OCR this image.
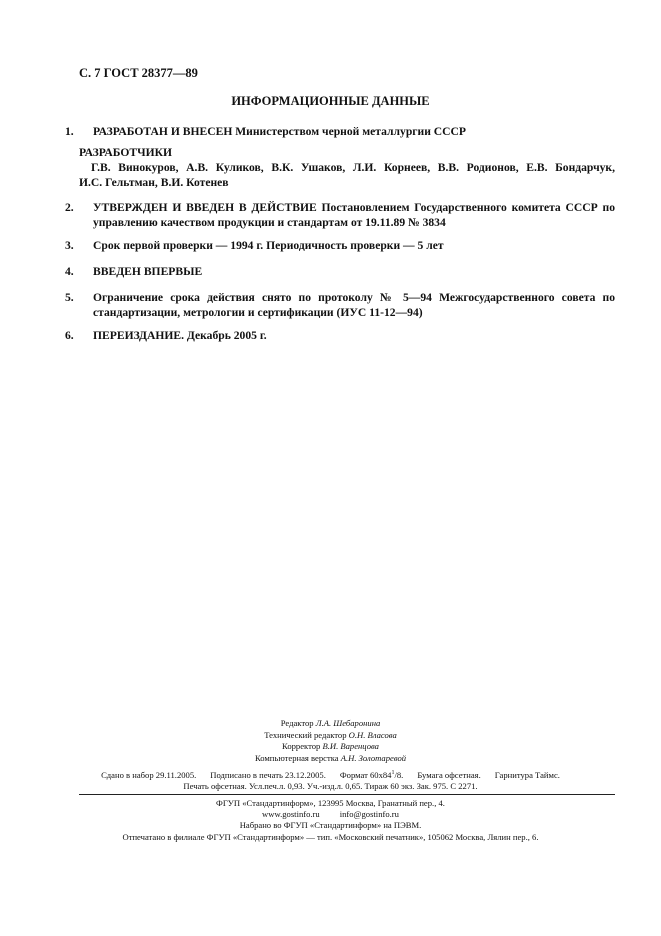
С. 7 ГОСТ 28377—89
ИНФОРМАЦИОННЫЕ ДАННЫЕ
1. РАЗРАБОТАН И ВНЕСЕН Министерством черной металлургии СССР
РАЗРАБОТЧИКИ
Г.В. Винокуров, А.В. Куликов, В.К. Ушаков, Л.И. Корнеев, В.В. Родионов, Е.В. Бондарчук,
И.С. Гельтман, В.И. Котенев
2. УТВЕРЖДЕН И ВВЕДЕН В ДЕЙСТВИЕ Постановлением Государственного комитета СССР по управлению качеством продукции и стандартам от 19.11.89 № 3834
3. Срок первой проверки — 1994 г. Периодичность проверки — 5 лет
4. ВВЕДЕН ВПЕРВЫЕ
5. Ограничение срока действия снято по протоколу № 5—94 Межгосударственного совета по стандартизации, метрологии и сертификации (ИУС 11-12—94)
6. ПЕРЕИЗДАНИЕ. Декабрь 2005 г.
Редактор Л.А. Шебаронина
Технический редактор О.Н. Власова
Корректор В.И. Варенцова
Компьютерная верстка А.Н. Золотаревой
Сдано в набор 29.11.2005. Подписано в печать 23.12.2005. Формат $60x84^1/8$. Бумага офсетная. Гарнитура Таймс.
Печать офсетная. Усл.печ.л. 0,93. Уч.-изд.л. 0,65. Тираж 60 экз. Зак. 975. С 2271.
ФГУП «Стандартинформ», 123995 Москва, Гранатный пер., 4.
www.gostinfo.ru info@gostinfo.ru
Набрано во ФГУП «Стандартинформ» на ПЭВМ.
Отпечатано в филиале ФГУП «Стандартинформ» — тип. «Московский печатник», 105062 Москва, Лялин пер., 6.
